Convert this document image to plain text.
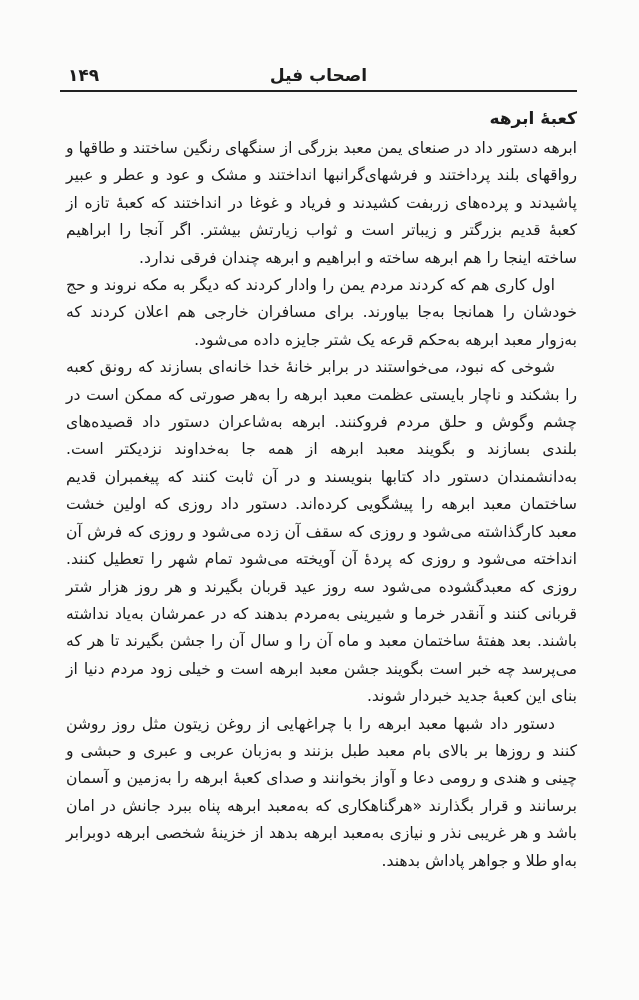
اصحاب فیل
۱۴۹
کعبهٔ ابرهه

ابرهه دستور داد در صنعای یمن معبد بزرگی از سنگهای رنگین ساختند و طاقها و رواقهای بلند پرداختند و فرشهای‌گرانبها انداختند و مشک و عود و عطر و عبیر پاشیدند و پرده‌های زربفت کشیدند و فریاد و غوغا در انداختند که کعبهٔ تازه از کعبهٔ قدیم بزرگتر و زیباتر است و ثواب زیارتش بیشتر. اگر آنجا را ابراهیم ساخته اینجا را هم ابرهه ساخته و ابراهیم و ابرهه چندان فرقی ندارد.

اول کاری هم که کردند مردم یمن را وادار کردند که دیگر به مکه نروند و حج خودشان را همانجا به‌جا بیاورند. برای مسافران خارجی هم اعلان کردند که به‌زوار معبد ابرهه به‌حکم قرعه یک شتر جایزه داده می‌شود.

شوخی که نبود، می‌خواستند در برابر خانهٔ خدا خانه‌ای بسازند که رونق کعبه را بشکند و ناچار بایستی عظمت معبد ابرهه را به‌هر صورتی که ممکن است در چشم وگوش و حلق مردم فروکنند. ابرهه به‌شاعران دستور داد قصیده‌های بلندی بسازند و بگویند معبد ابرهه از همه جا به‌خداوند نزدیکتر است. به‌دانشمندان دستور داد کتابها بنویسند و در آن ثابت کنند که پیغمبران قدیم ساختمان معبد ابرهه را پیشگویی کرده‌اند. دستور داد روزی که اولین خشت معبد کارگذاشته می‌شود و روزی که سقف آن زده می‌شود و روزی که فرش آن انداخته می‌شود و روزی که پردهٔ آن آویخته می‌شود تمام شهر را تعطیل کنند. روزی که معبدگشوده می‌شود سه روز عید قربان بگیرند و هر روز هزار شتر قربانی کنند و آنقدر خرما و شیرینی به‌مردم بدهند که در عمرشان به‌یاد نداشته باشند. بعد هفتهٔ ساختمان معبد و ماه آن را و سال آن را جشن بگیرند تا هر که می‌پرسد چه خبر است بگویند جشن معبد ابرهه است و خیلی زود مردم دنیا از بنای این کعبهٔ جدید خبردار شوند.

دستور داد شبها معبد ابرهه را با چراغهایی از روغن زیتون مثل روز روشن کنند و روزها بر بالای بام معبد طبل بزنند و به‌زبان عربی و عبری و حبشی و چینی و هندی و رومی دعا و آواز بخوانند و صدای کعبهٔ ابرهه را به‌زمین و آسمان برسانند و قرار بگذارند «هرگناهکاری که به‌معبد ابرهه پناه ببرد جانش در امان باشد و هر غریبی نذر و نیازی به‌معبد ابرهه بدهد از خزینهٔ شخصی ابرهه دوبرابر به‌او طلا و جواهر پاداش بدهند.
